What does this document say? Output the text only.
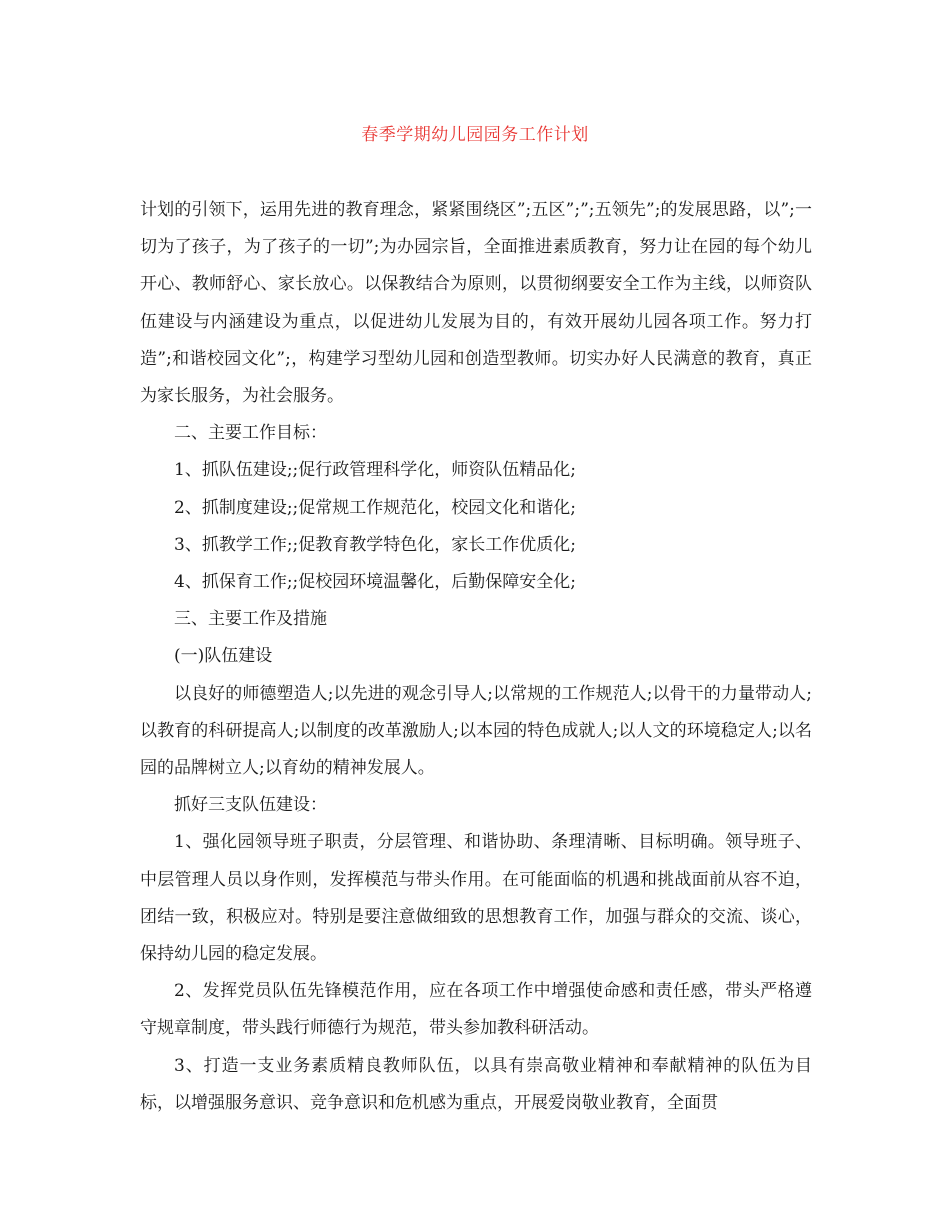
春季学期幼儿园园务工作计划

计划的引领下，运用先进的教育理念，紧紧围绕区”;五区”;”;五领先”;的发展思路，以”;一切为了孩子，为了孩子的一切”;为办园宗旨，全面推进素质教育，努力让在园的每个幼儿开心、教师舒心、家长放心。以保教结合为原则，以贯彻纲要安全工作为主线，以师资队伍建设与内涵建设为重点，以促进幼儿发展为目的，有效开展幼儿园各项工作。努力打造”;和谐校园文化”;，构建学习型幼儿园和创造型教师。切实办好人民满意的教育，真正为家长服务，为社会服务。

二、主要工作目标：

1、抓队伍建设;;促行政管理科学化，师资队伍精品化;

2、抓制度建设;;促常规工作规范化，校园文化和谐化;

3、抓教学工作;;促教育教学特色化，家长工作优质化;

4、抓保育工作;;促校园环境温馨化，后勤保障安全化;

三、主要工作及措施

(一)队伍建设

以良好的师德塑造人;以先进的观念引导人;以常规的工作规范人;以骨干的力量带动人;以教育的科研提高人;以制度的改革激励人;以本园的特色成就人;以人文的环境稳定人;以名园的品牌树立人;以育幼的精神发展人。

抓好三支队伍建设：

1、强化园领导班子职责，分层管理、和谐协助、条理清晰、目标明确。领导班子、中层管理人员以身作则，发挥模范与带头作用。在可能面临的机遇和挑战面前从容不迫，团结一致，积极应对。特别是要注意做细致的思想教育工作，加强与群众的交流、谈心，保持幼儿园的稳定发展。

2、发挥党员队伍先锋模范作用，应在各项工作中增强使命感和责任感，带头严格遵守规章制度，带头践行师德行为规范，带头参加教科研活动。

3、打造一支业务素质精良教师队伍，以具有崇高敬业精神和奉献精神的队伍为目标，以增强服务意识、竞争意识和危机感为重点，开展爱岗敬业教育，全面贯
